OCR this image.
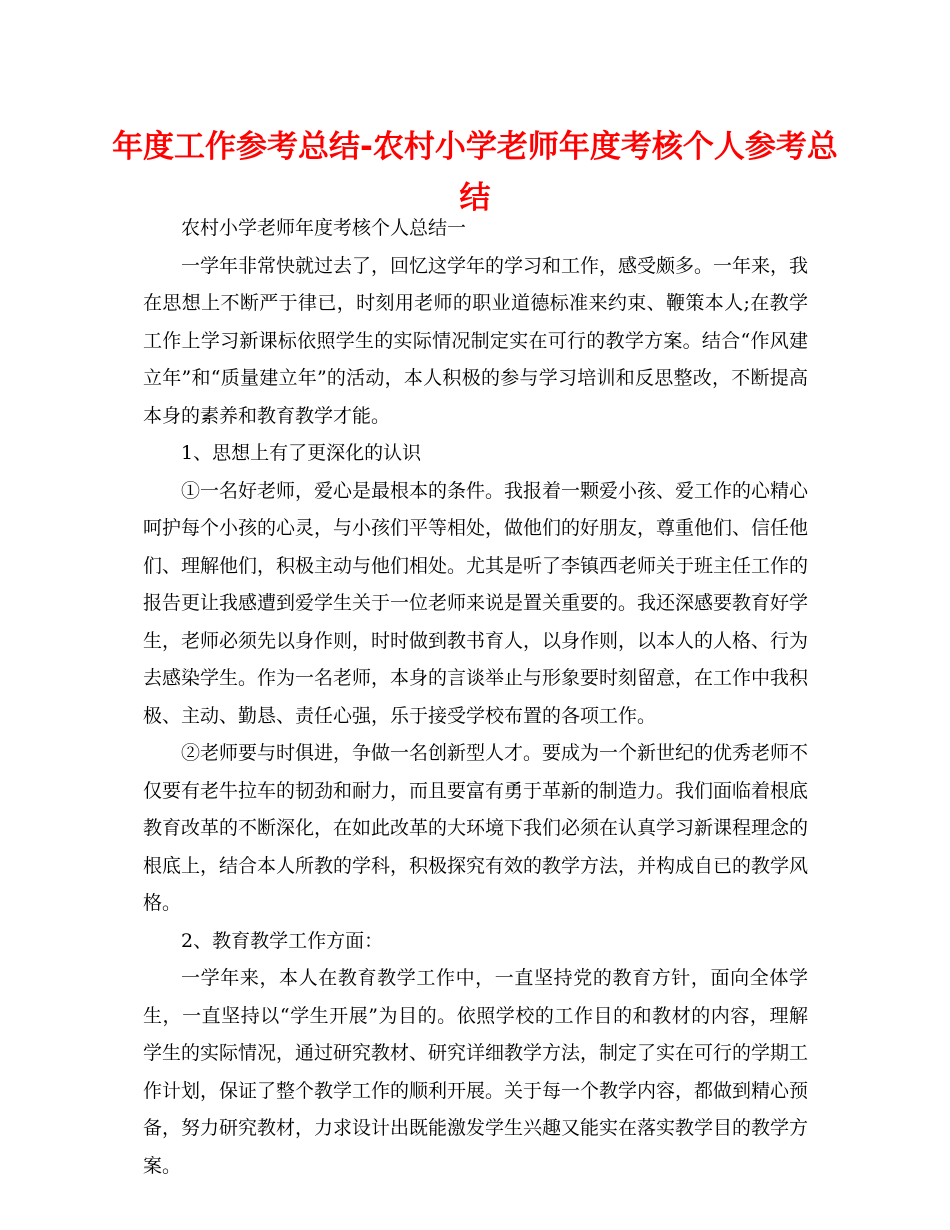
年度工作参考总结-农村小学老师年度考核个人参考总结

农村小学老师年度考核个人总结一

一学年非常快就过去了，回忆这学年的学习和工作，感受颇多。一年来，我在思想上不断严于律已，时刻用老师的职业道德标准来约束、鞭策本人;在教学工作上学习新课标依照学生的实际情况制定实在可行的教学方案。结合“作风建立年”和“质量建立年”的活动，本人积极的参与学习培训和反思整改，不断提高本身的素养和教育教学才能。

1、思想上有了更深化的认识

①一名好老师，爱心是最根本的条件。我报着一颗爱小孩、爱工作的心精心呵护每个小孩的心灵，与小孩们平等相处，做他们的好朋友，尊重他们、信任他们、理解他们，积极主动与他们相处。尤其是听了李镇西老师关于班主任工作的报告更让我感遭到爱学生关于一位老师来说是置关重要的。我还深感要教育好学生，老师必须先以身作则，时时做到教书育人，以身作则，以本人的人格、行为去感染学生。作为一名老师，本身的言谈举止与形象要时刻留意，在工作中我积极、主动、勤恳、责任心强，乐于接受学校布置的各项工作。

②老师要与时俱进，争做一名创新型人才。要成为一个新世纪的优秀老师不仅要有老牛拉车的韧劲和耐力，而且要富有勇于革新的制造力。我们面临着根底教育改革的不断深化，在如此改革的大环境下我们必须在认真学习新课程理念的根底上，结合本人所教的学科，积极探究有效的教学方法，并构成自已的教学风格。

2、教育教学工作方面：

一学年来，本人在教育教学工作中，一直坚持党的教育方针，面向全体学生，一直坚持以“学生开展”为目的。依照学校的工作目的和教材的内容，理解学生的实际情况，通过研究教材、研究详细教学方法，制定了实在可行的学期工作计划，保证了整个教学工作的顺利开展。关于每一个教学内容，都做到精心预备，努力研究教材，力求设计出既能激发学生兴趣又能实在落实教学目的教学方案。
